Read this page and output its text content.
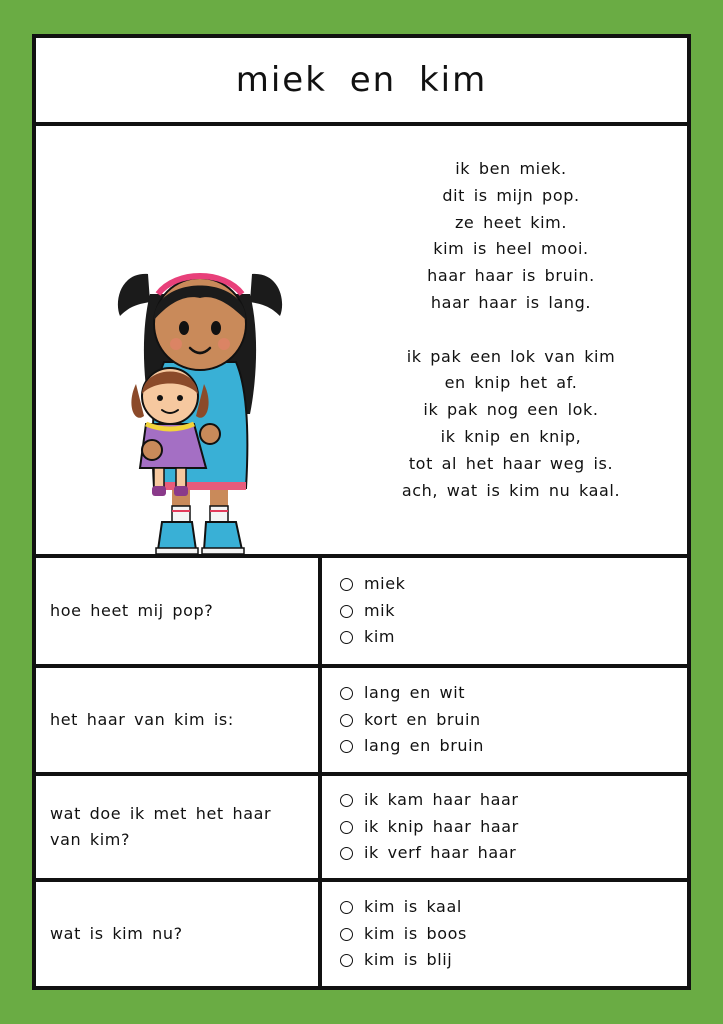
miek en kim
ik ben miek.
dit is mijn pop.
ze heet kim.
kim is heel mooi.
haar haar is bruin.
haar haar is lang.
ik pak een lok van kim
en knip het af.
ik pak nog een lok.
ik knip en knip,
tot al het haar weg is.
ach, wat is kim nu kaal.
hoe heet mij pop?
miek
mik
kim
het haar van kim is:
lang en wit
kort en bruin
lang en bruin
wat doe ik met het haar van kim?
ik kam haar haar
ik knip haar haar
ik verf haar haar
wat is kim nu?
kim is kaal
kim is boos
kim is blij
